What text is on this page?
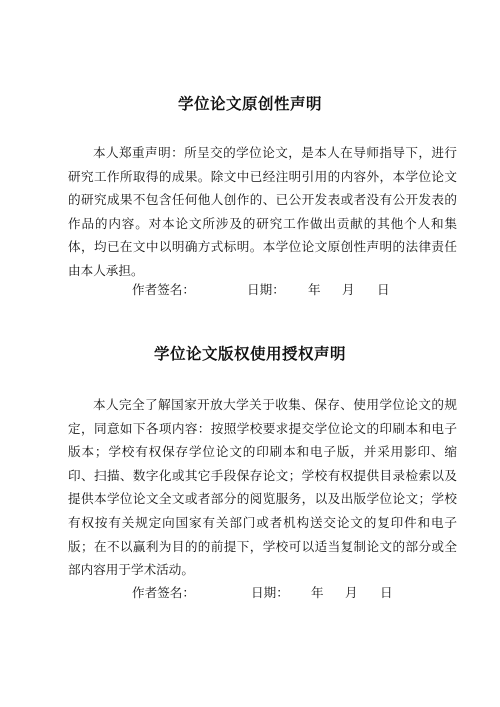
学位论文原创性声明

本人郑重声明：所呈交的学位论文，是本人在导师指导下，进行研究工作所取得的成果。除文中已经注明引用的内容外，本学位论文的研究成果不包含任何他人创作的、已公开发表或者没有公开发表的作品的内容。对本论文所涉及的研究工作做出贡献的其他个人和集体，均已在文中以明确方式标明。本学位论文原创性声明的法律责任由本人承担。

作者签名：	日期： 年 月 日
学位论文版权使用授权声明

本人完全了解国家开放大学关于收集、保存、使用学位论文的规定，同意如下各项内容：按照学校要求提交学位论文的印刷本和电子版本；学校有权保存学位论文的印刷本和电子版，并采用影印、缩印、扫描、数字化或其它手段保存论文；学校有权提供目录检索以及提供本学位论文全文或者部分的阅览服务，以及出版学位论文；学校有权按有关规定向国家有关部门或者机构送交论文的复印件和电子版；在不以赢利为目的的前提下，学校可以适当复制论文的部分或全部内容用于学术活动。

作者签名：	日期： 年 月 日
